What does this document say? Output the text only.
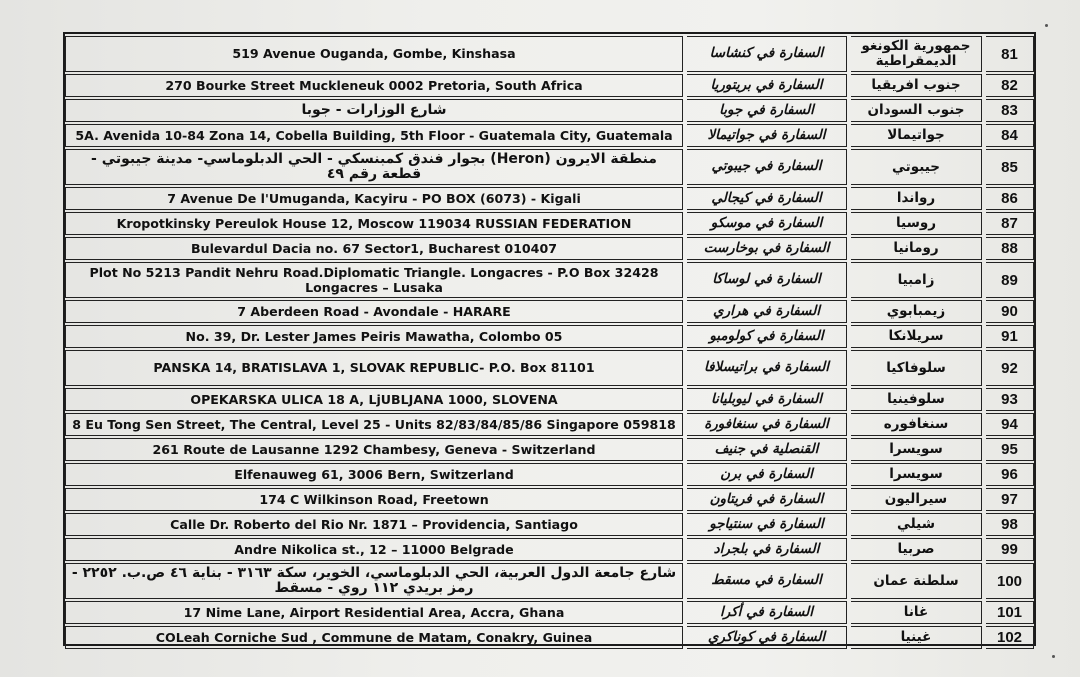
519 Avenue Ouganda, Gombe, Kinshasa		السفارة في كنشاسا		جمهورية الكونغو الديمقراطية		81
270 Bourke Street Muckleneuk 0002 Pretoria, South Africa		السفارة في بريتوريا		جنوب افريقيا		82
شارع الوزارات - جوبا		السفارة في جوبا		جنوب السودان		83
5A. Avenida 10-84 Zona 14, Cobella Building, 5th Floor - Guatemala City, Guatemala		السفارة في جواتيمالا		جواتيمالا		84
منطقة الايرون (Heron) بجوار فندق كمبنسكي - الحي الدبلوماسي- مدينة جيبوتي - قطعة رقم ٤٩		السفارة في جيبوتي		جيبوتي		85
7 Avenue De l'Umuganda, Kacyiru - PO BOX (6073) - Kigali		السفارة في كيجالي		رواندا		86
Kropotkinsky Pereulok House 12, Moscow 119034 RUSSIAN FEDERATION		السفارة في موسكو		روسيا		87
Bulevardul Dacia no. 67 Sector1, Bucharest 010407		السفارة في بوخارست		رومانيا		88
Plot No 5213 Pandit Nehru Road.Diplomatic Triangle. Longacres - P.O Box 32428 Longacres – Lusaka		السفارة في لوساكا		زامبيا		89
7 Aberdeen Road - Avondale - HARARE		السفارة في هراري		زيمبابوي		90
No. 39, Dr. Lester James Peiris Mawatha, Colombo 05		السفارة في كولومبو		سريلانكا		91
PANSKA 14, BRATISLAVA 1, SLOVAK REPUBLIC- P.O. Box 81101		السفارة في براتيسلافا		سلوفاكيا		92
OPEKARSKA ULICA 18 A, LjUBLJANA 1000, SLOVENA		السفارة في ليوبليانا		سلوفينيا		93
8 Eu Tong Sen Street, The Central, Level 25 - Units 82/83/84/85/86 Singapore 059818		السفارة في سنغافورة		سنغافوره		94
261 Route de Lausanne 1292 Chambesy, Geneva - Switzerland		القنصلية في جنيف		سويسرا		95
Elfenauweg 61, 3006 Bern, Switzerland		السفارة في برن		سويسرا		96
174 C Wilkinson Road, Freetown		السفارة في فريتاون		سيراليون		97
Calle Dr. Roberto del Rio Nr. 1871 – Providencia, Santiago		السفارة في سنتياجو		شيلي		98
Andre Nikolica st., 12 – 11000 Belgrade		السفارة في بلجراد		صربيا		99
شارع جامعة الدول العربية، الحي الدبلوماسي، الخوير، سكة ٣١٦٣ - بناية ٤٦ ص.ب. ٢٢٥٢ - رمز بريدي ١١٢ روي - مسقط		السفارة في مسقط		سلطنة عمان		100
17 Nime Lane, Airport Residential Area, Accra, Ghana		السفارة في أكرا		غانا		101
COLeah Corniche Sud , Commune de Matam, Conakry, Guinea		السفارة في كوناكري		غينيا		102
